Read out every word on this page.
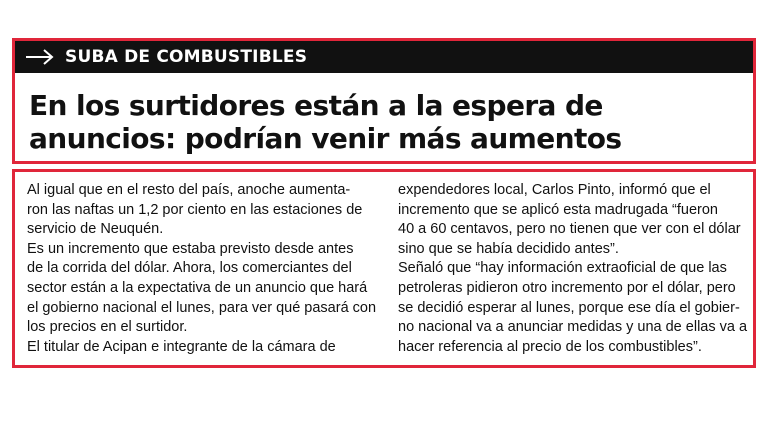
SUBA DE COMBUSTIBLES
En los surtidores están a la espera de
anuncios: podrían venir más aumentos
Al igual que en el resto del país, anoche aumenta-
ron las naftas un 1,2 por ciento en las estaciones de
servicio de Neuquén.
Es un incremento que estaba previsto desde antes
de la corrida del dólar. Ahora, los comerciantes del
sector están a la expectativa de un anuncio que hará
el gobierno nacional el lunes, para ver qué pasará con
los precios en el surtidor.
El titular de Acipan e integrante de la cámara de
expendedores local, Carlos Pinto, informó que el
incremento que se aplicó esta madrugada “fueron
40 a 60 centavos, pero no tienen que ver con el dólar
sino que se había decidido antes”.
Señaló que “hay información extraoficial de que las
petroleras pidieron otro incremento por el dólar, pero
se decidió esperar al lunes, porque ese día el gobier-
no nacional va a anunciar medidas y una de ellas va a
hacer referencia al precio de los combustibles”.
